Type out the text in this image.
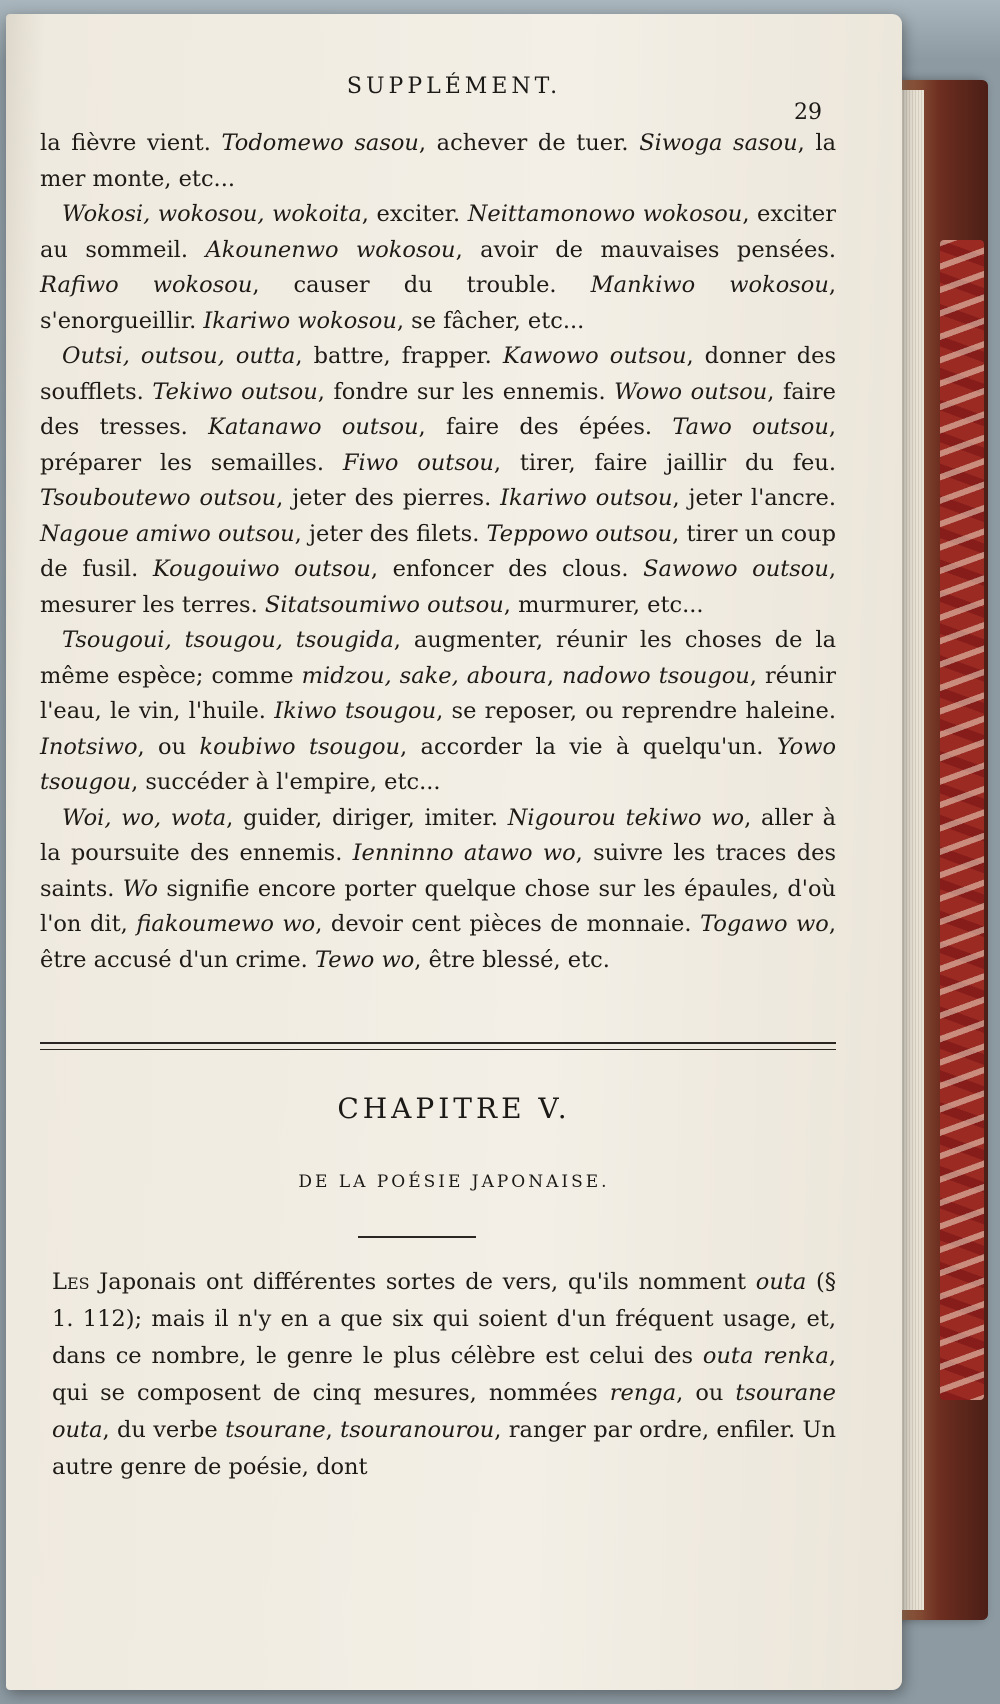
SUPPLÉMENT.
29

la fièvre vient. Todomewo sasou, achever de tuer. Siwoga sasou, la mer monte, etc...

Wokosi, wokosou, wokoita, exciter. Neittamonowo wokosou, exciter au sommeil. Akounenwo wokosou, avoir de mauvaises pensées. Rafiwo wokosou, causer du trouble. Mankiwo wokosou, s'enorgueillir. Ikariwo wokosou, se fâcher, etc...

Outsi, outsou, outta, battre, frapper. Kawowo outsou, donner des soufflets. Tekiwo outsou, fondre sur les ennemis. Wowo outsou, faire des tresses. Katanawo outsou, faire des épées. Tawo outsou, préparer les semailles. Fiwo outsou, tirer, faire jaillir du feu. Tsouboutewo outsou, jeter des pierres. Ikariwo outsou, jeter l'ancre. Nagoue amiwo outsou, jeter des filets. Teppowo outsou, tirer un coup de fusil. Kougouiwo outsou, enfoncer des clous. Sawowo outsou, mesurer les terres. Sitatsoumiwo outsou, murmurer, etc...

Tsougoui, tsougou, tsougida, augmenter, réunir les choses de la même espèce; comme midzou, sake, aboura, nadowo tsougou, réunir l'eau, le vin, l'huile. Ikiwo tsougou, se reposer, ou reprendre haleine. Inotsiwo, ou koubiwo tsougou, accorder la vie à quelqu'un. Yowo tsougou, succéder à l'empire, etc...

Woi, wo, wota, guider, diriger, imiter. Nigourou tekiwo wo, aller à la poursuite des ennemis. Ienninno atawo wo, suivre les traces des saints. Wo signifie encore porter quelque chose sur les épaules, d'où l'on dit, fiakoumewo wo, devoir cent pièces de monnaie. Togawo wo, être accusé d'un crime. Tewo wo, être blessé, etc.

CHAPITRE V.
DE LA POÉSIE JAPONAISE.

Les Japonais ont différentes sortes de vers, qu'ils nomment outa (§ 1. 112); mais il n'y en a que six qui soient d'un fréquent usage, et, dans ce nombre, le genre le plus célèbre est celui des outa renka, qui se composent de cinq mesures, nommées renga, ou tsourane outa, du verbe tsourane, tsouranourou, ranger par ordre, enfiler. Un autre genre de poésie, dont
